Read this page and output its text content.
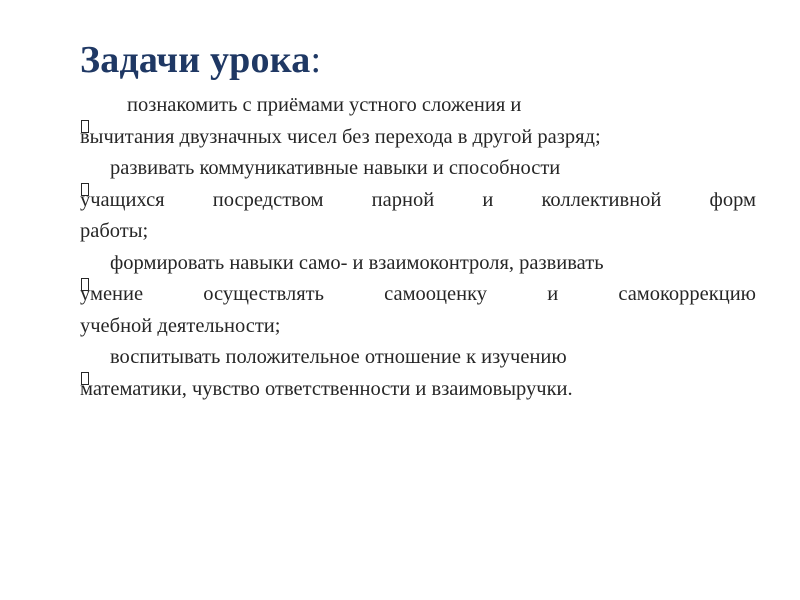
Задачи урока:
познакомить с приёмами устного сложения и
вычитания двузначных чисел без перехода в другой разряд;
развивать коммуникативные навыки и способности
учащихся посредством парной и коллективной форм
работы;
формировать навыки само- и взаимоконтроля, развивать
умение осуществлять самооценку и самокоррекцию
учебной деятельности;
воспитывать положительное отношение к изучению
математики, чувство ответственности и взаимовыручки.
